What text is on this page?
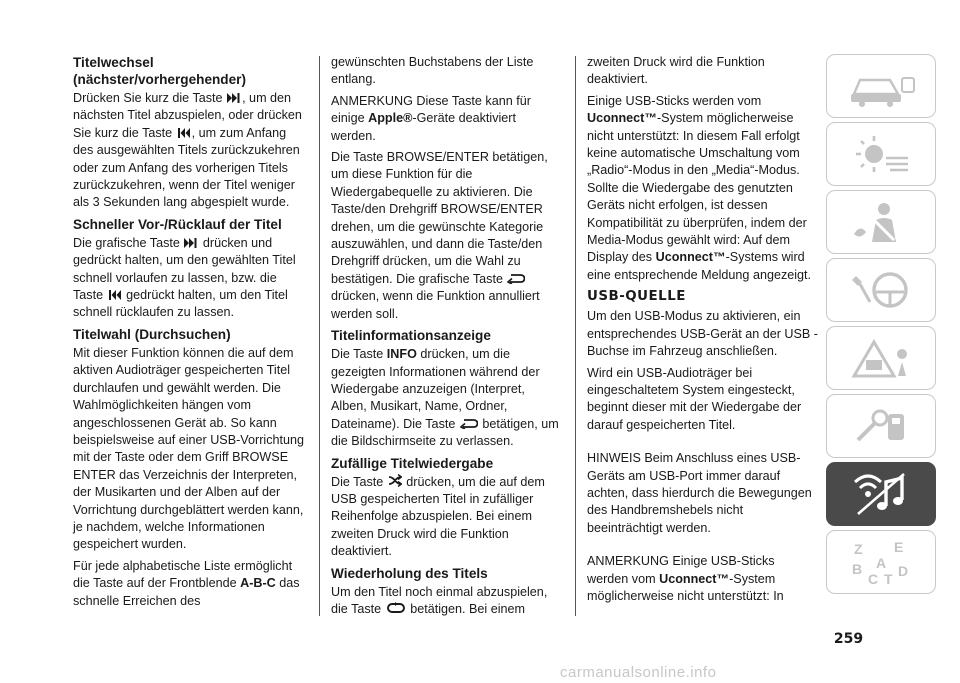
Titelwechsel (nächster/vorhergehender)

Drücken Sie kurz die Taste , um den nächsten Titel abzuspielen, oder drücken Sie kurz die Taste , um zum Anfang des ausgewählten Titels zurückzukehren oder zum Anfang des vorherigen Titels zurückzukehren, wenn der Titel weniger als 3 Sekunden lang abgespielt wurde.

Schneller Vor-/Rücklauf der Titel

Die grafische Taste drücken und gedrückt halten, um den gewählten Titel schnell vorlaufen zu lassen, bzw. die Taste gedrückt halten, um den Titel schnell rücklaufen zu lassen.

Titelwahl (Durchsuchen)

Mit dieser Funktion können die auf dem aktiven Audioträger gespeicherten Titel durchlaufen und gewählt werden. Die Wahlmöglichkeiten hängen vom angeschlossenen Gerät ab. So kann beispielsweise auf einer USB-Vorrichtung mit der Taste oder dem Griff BROWSE ENTER das Verzeichnis der Interpreten, der Musikarten und der Alben auf der Vorrichtung durchgeblättert werden kann, je nachdem, welche Informationen gespeichert wurden.

Für jede alphabetische Liste ermöglicht die Taste auf der Frontblende A-B-C das schnelle Erreichen des

gewünschten Buchstabens der Liste entlang.

ANMERKUNG Diese Taste kann für einige Apple®-Geräte deaktiviert werden.

Die Taste BROWSE/ENTER betätigen, um diese Funktion für die Wiedergabequelle zu aktivieren. Die Taste/den Drehgriff BROWSE/ENTER drehen, um die gewünschte Kategorie auszuwählen, und dann die Taste/den Drehgriff drücken, um die Wahl zu bestätigen. Die grafische Taste  drücken, wenn die Funktion annulliert werden soll.

Titelinformationsanzeige

Die Taste INFO drücken, um die gezeigten Informationen während der Wiedergabe anzuzeigen (Interpret, Alben, Musikart, Name, Ordner, Dateiname). Die Taste betätigen, um die Bildschirmseite zu verlassen.

Zufällige Titelwiedergabe

Die Taste drücken, um die auf dem USB gespeicherten Titel in zufälliger Reihenfolge abzuspielen. Bei einem zweiten Druck wird die Funktion deaktiviert.

Wiederholung des Titels

Um den Titel noch einmal abzuspielen, die Taste betätigen. Bei einem

zweiten Druck wird die Funktion deaktiviert.

Einige USB-Sticks werden vom Uconnect™-System möglicherweise nicht unterstützt: In diesem Fall erfolgt keine automatische Umschaltung vom „Radio“-Modus in den „Media“-Modus. Sollte die Wiedergabe des genutzten Geräts nicht erfolgen, ist dessen Kompatibilität zu überprüfen, indem der Media-Modus gewählt wird: Auf dem Display des Uconnect™-Systems wird eine entsprechende Meldung angezeigt.

USB-QUELLE

Um den USB-Modus zu aktivieren, ein entsprechendes USB-Gerät an der USB -Buchse im Fahrzeug anschließen.

Wird ein USB-Audioträger bei eingeschaltetem System eingesteckt, beginnt dieser mit der Wiedergabe der darauf gespeicherten Titel.

HINWEIS Beim Anschluss eines USB-Geräts am USB-Port immer darauf achten, dass hierdurch die Bewegungen des Handbremshebels nicht beeinträchtigt werden.

ANMERKUNG Einige USB-Sticks werden vom Uconnect™-System möglicherweise nicht unterstützt: In

Z E
B A
C D
T
259
carmanualsonline.info
